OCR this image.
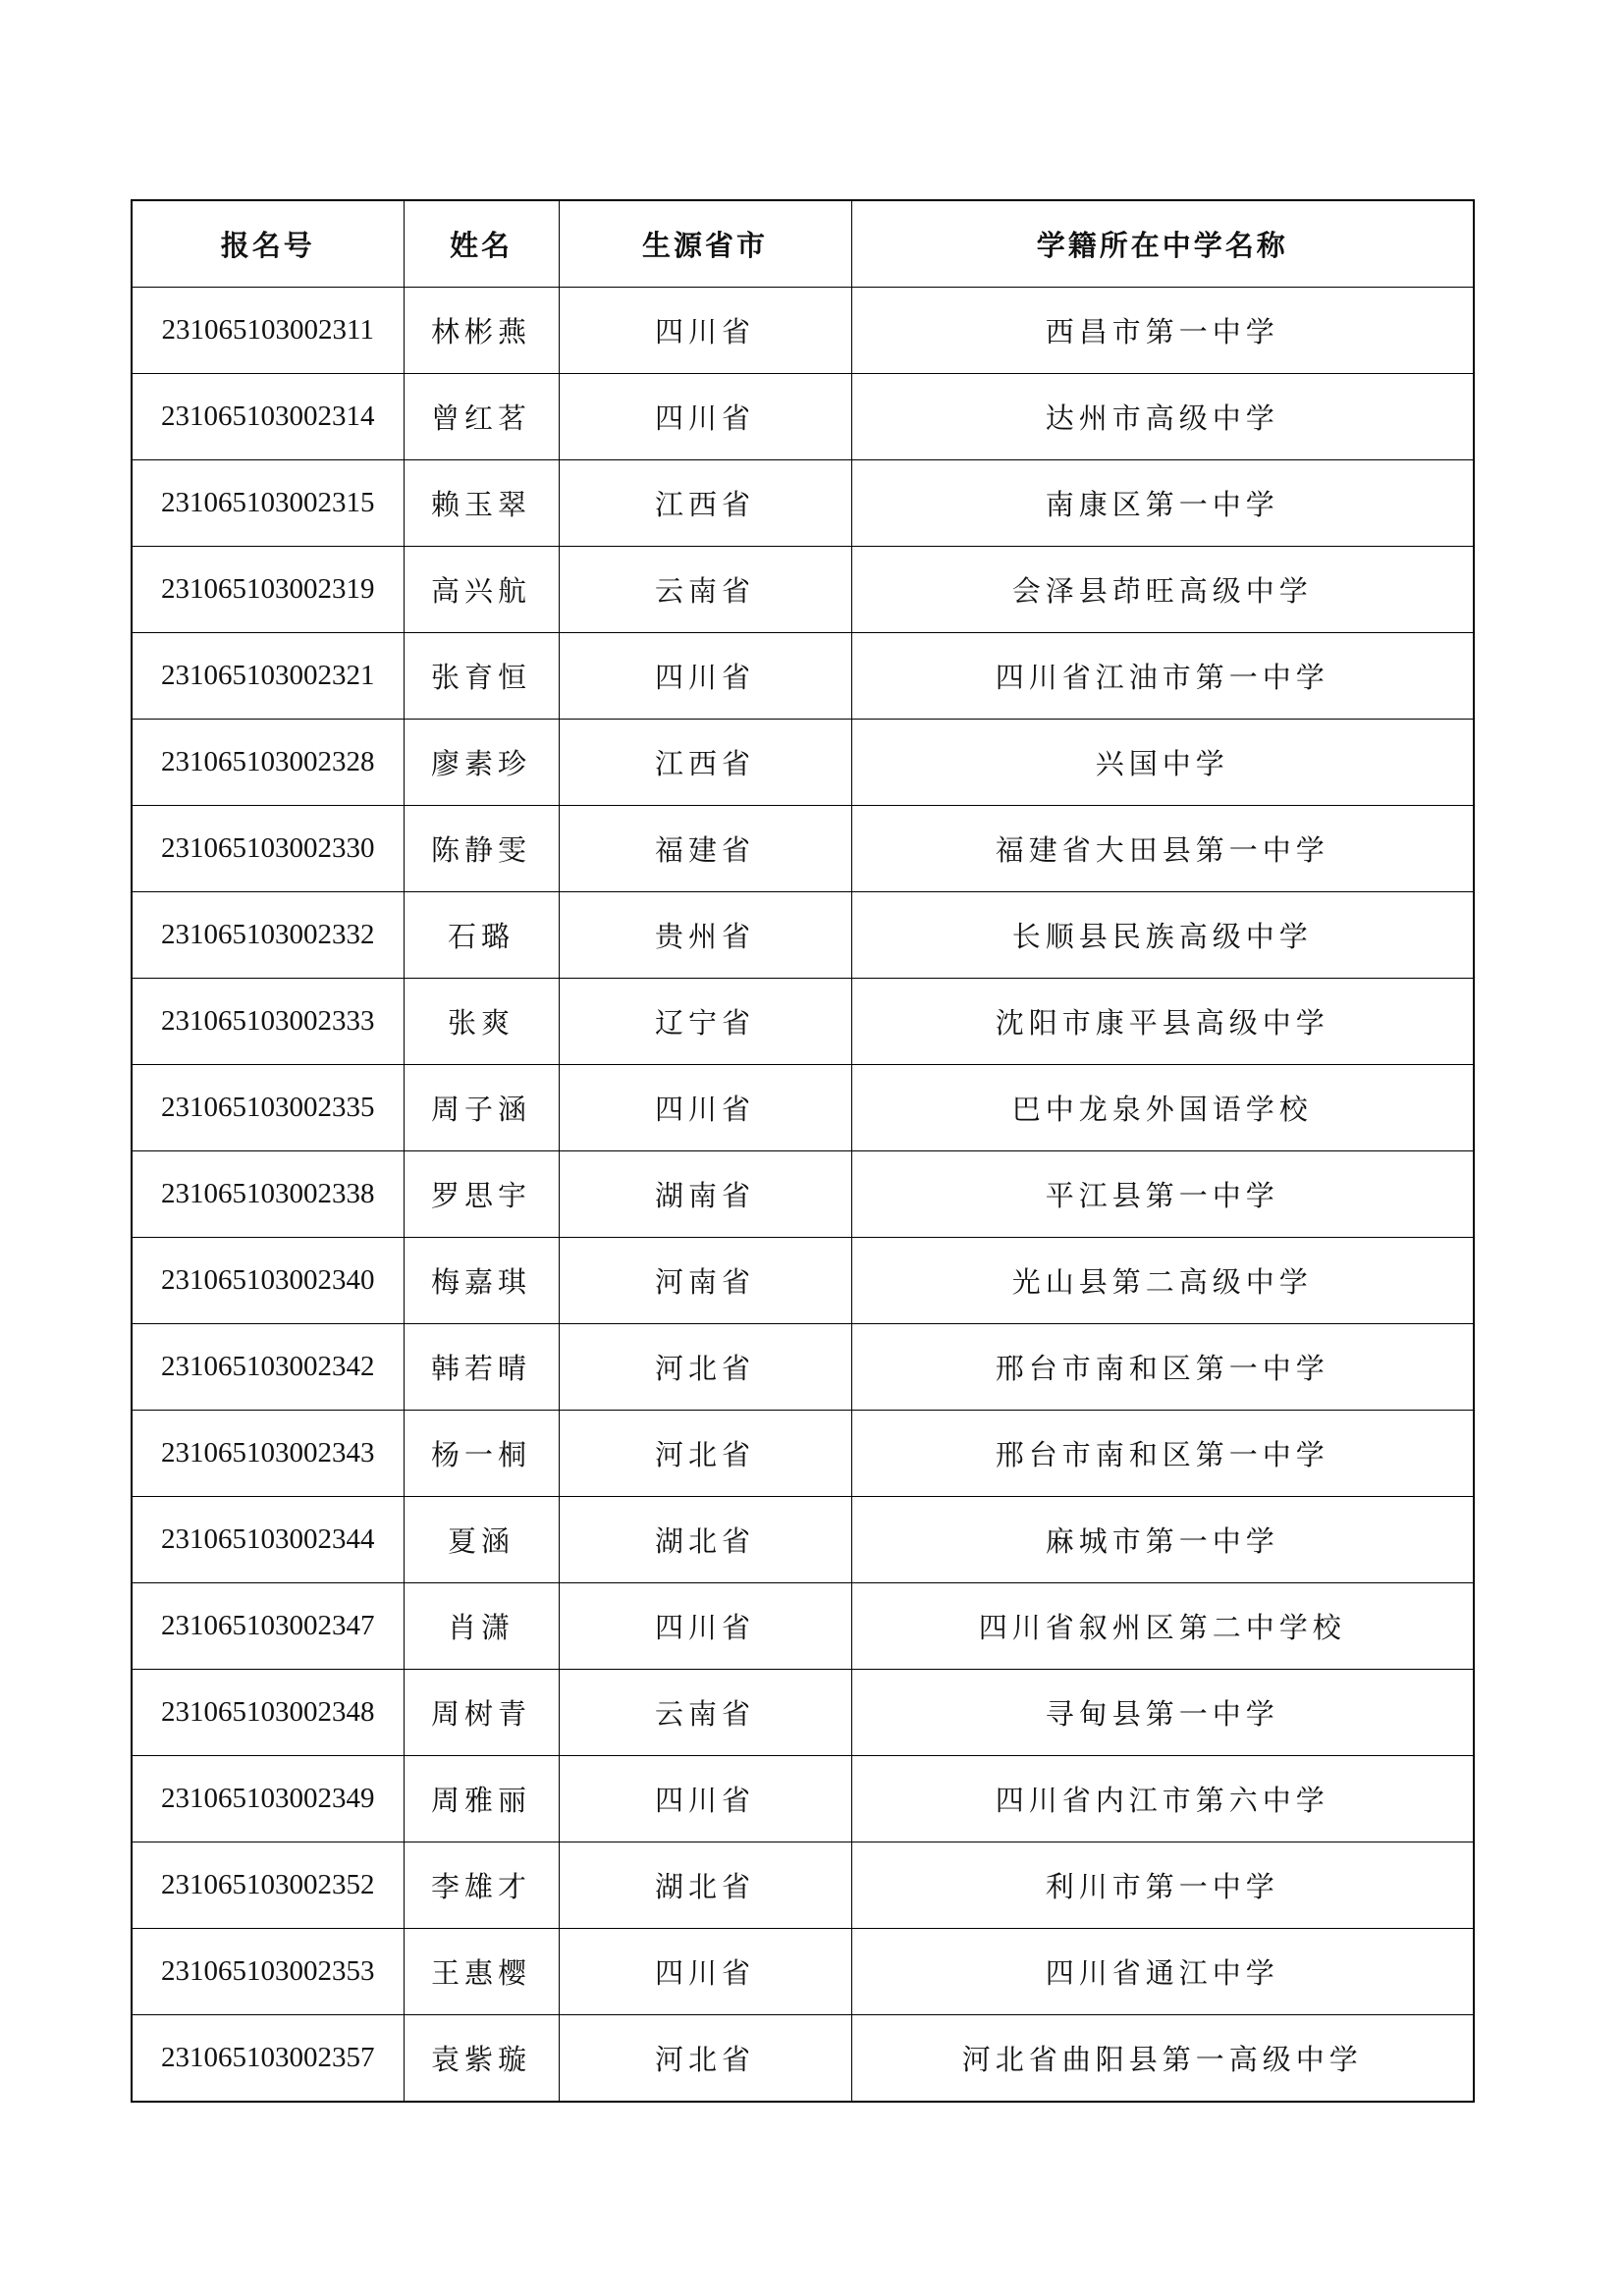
报名号	姓名	生源省市	学籍所在中学名称
231065103002311	林彬燕	四川省	西昌市第一中学
231065103002314	曾红茗	四川省	达州市高级中学
231065103002315	赖玉翠	江西省	南康区第一中学
231065103002319	高兴航	云南省	会泽县茚旺高级中学
231065103002321	张育恒	四川省	四川省江油市第一中学
231065103002328	廖素珍	江西省	兴国中学
231065103002330	陈静雯	福建省	福建省大田县第一中学
231065103002332	石璐	贵州省	长顺县民族高级中学
231065103002333	张爽	辽宁省	沈阳市康平县高级中学
231065103002335	周子涵	四川省	巴中龙泉外国语学校
231065103002338	罗思宇	湖南省	平江县第一中学
231065103002340	梅嘉琪	河南省	光山县第二高级中学
231065103002342	韩若晴	河北省	邢台市南和区第一中学
231065103002343	杨一桐	河北省	邢台市南和区第一中学
231065103002344	夏涵	湖北省	麻城市第一中学
231065103002347	肖潇	四川省	四川省叙州区第二中学校
231065103002348	周树青	云南省	寻甸县第一中学
231065103002349	周雅丽	四川省	四川省内江市第六中学
231065103002352	李雄才	湖北省	利川市第一中学
231065103002353	王惠樱	四川省	四川省通江中学
231065103002357	袁紫璇	河北省	河北省曲阳县第一高级中学
